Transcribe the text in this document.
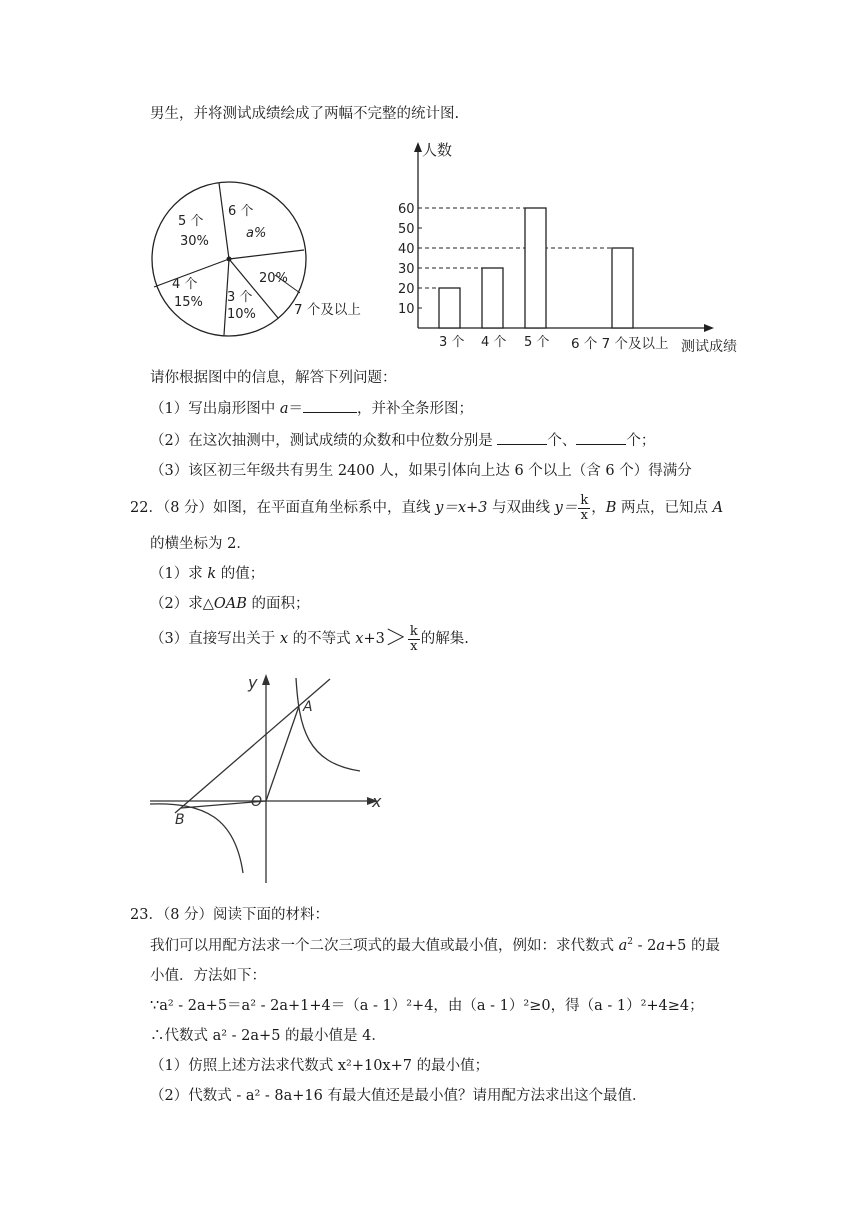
男生，并将测试成绩绘成了两幅不完整的统计图.
5 个
30%
6 个
a%
20%
7 个及以上
4 个
15% 3 个
10%
人数
10
20
30
40
50
60
3 个 4 个 5 个 6 个 7 个及以上 测试成绩
请你根据图中的信息，解答下列问题：
（1）写出扇形图中 a＝	，并补全条形图；
（2）在这次抽测中，测试成绩的众数和中位数分别是	个、	个；
（3）该区初三年级共有男生 2400 人，如果引体向上达 6 个以上（含 6 个）得满分
22．（8 分）如图，在平面直角坐标系中，直线 y＝x+3 与双曲线 $y= \frac{k}{x}$ ，B 两点，已知点 A
的横坐标为 2．
（1）求 k 的值；
（2）求△OAB 的面积；
（3）直接写出关于 x 的不等式 $x+3> \frac{k}{x}$ 的解集.
y
x
A
B
O
23．（8 分）阅读下面的材料：
我们可以用配方法求一个二次三项式的最大值或最小值，例如：求代数式 $a^2 - 2a+5$ 的最
小值．方法如下：
∵a² - 2a+5＝a² - 2a+1+4＝（a - 1）²+4，由（a - 1）²≥0，得（a - 1）²+4≥4；
∴代数式 a² - 2a+5 的最小值是 4．
（1）仿照上述方法求代数式 x²+10x+7 的最小值；
（2）代数式 - a² - 8a+16 有最大值还是最小值？请用配方法求出这个最值．
